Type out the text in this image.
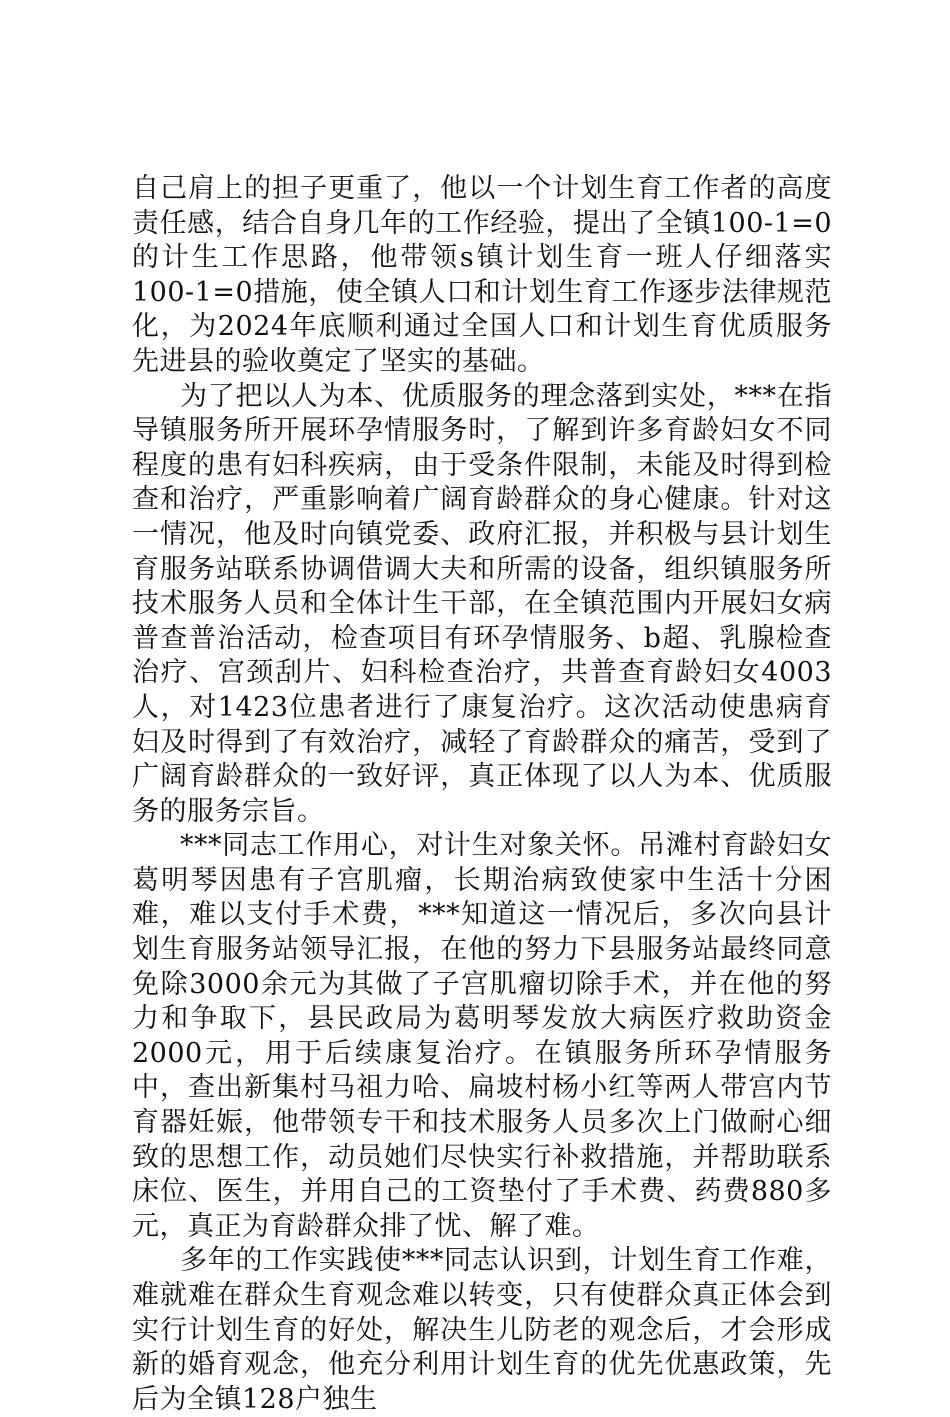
自己肩上的担子更重了，他以一个计划生育工作者的高度责任感，结合自身几年的工作经验，提出了全镇100-1=0的计生工作思路，他带领s镇计划生育一班人仔细落实100-1=0措施，使全镇人口和计划生育工作逐步法律规范化，为2024年底顺利通过全国人口和计划生育优质服务先进县的验收奠定了坚实的基础。

为了把以人为本、优质服务的理念落到实处，***在指导镇服务所开展环孕情服务时，了解到许多育龄妇女不同程度的患有妇科疾病，由于受条件限制，未能及时得到检查和治疗，严重影响着广阔育龄群众的身心健康。针对这一情况，他及时向镇党委、政府汇报，并积极与县计划生育服务站联系协调借调大夫和所需的设备，组织镇服务所技术服务人员和全体计生干部，在全镇范围内开展妇女病普查普治活动，检查项目有环孕情服务、b超、乳腺检查治疗、宫颈刮片、妇科检查治疗，共普查育龄妇女4003人，对1423位患者进行了康复治疗。这次活动使患病育妇及时得到了有效治疗，减轻了育龄群众的痛苦，受到了广阔育龄群众的一致好评，真正体现了以人为本、优质服务的服务宗旨。

***同志工作用心，对计生对象关怀。吊滩村育龄妇女葛明琴因患有子宫肌瘤，长期治病致使家中生活十分困难，难以支付手术费，***知道这一情况后，多次向县计划生育服务站领导汇报，在他的努力下县服务站最终同意免除3000余元为其做了子宫肌瘤切除手术，并在他的努力和争取下，县民政局为葛明琴发放大病医疗救助资金2000元，用于后续康复治疗。在镇服务所环孕情服务中，查出新集村马祖力哈、扁坡村杨小红等两人带宫内节育器妊娠，他带领专干和技术服务人员多次上门做耐心细致的思想工作，动员她们尽快实行补救措施，并帮助联系床位、医生，并用自己的工资垫付了手术费、药费880多元，真正为育龄群众排了忧、解了难。

多年的工作实践使***同志认识到，计划生育工作难，难就难在群众生育观念难以转变，只有使群众真正体会到实行计划生育的好处，解决生儿防老的观念后，才会形成新的婚育观念，他充分利用计划生育的优先优惠政策，先后为全镇128户独生
